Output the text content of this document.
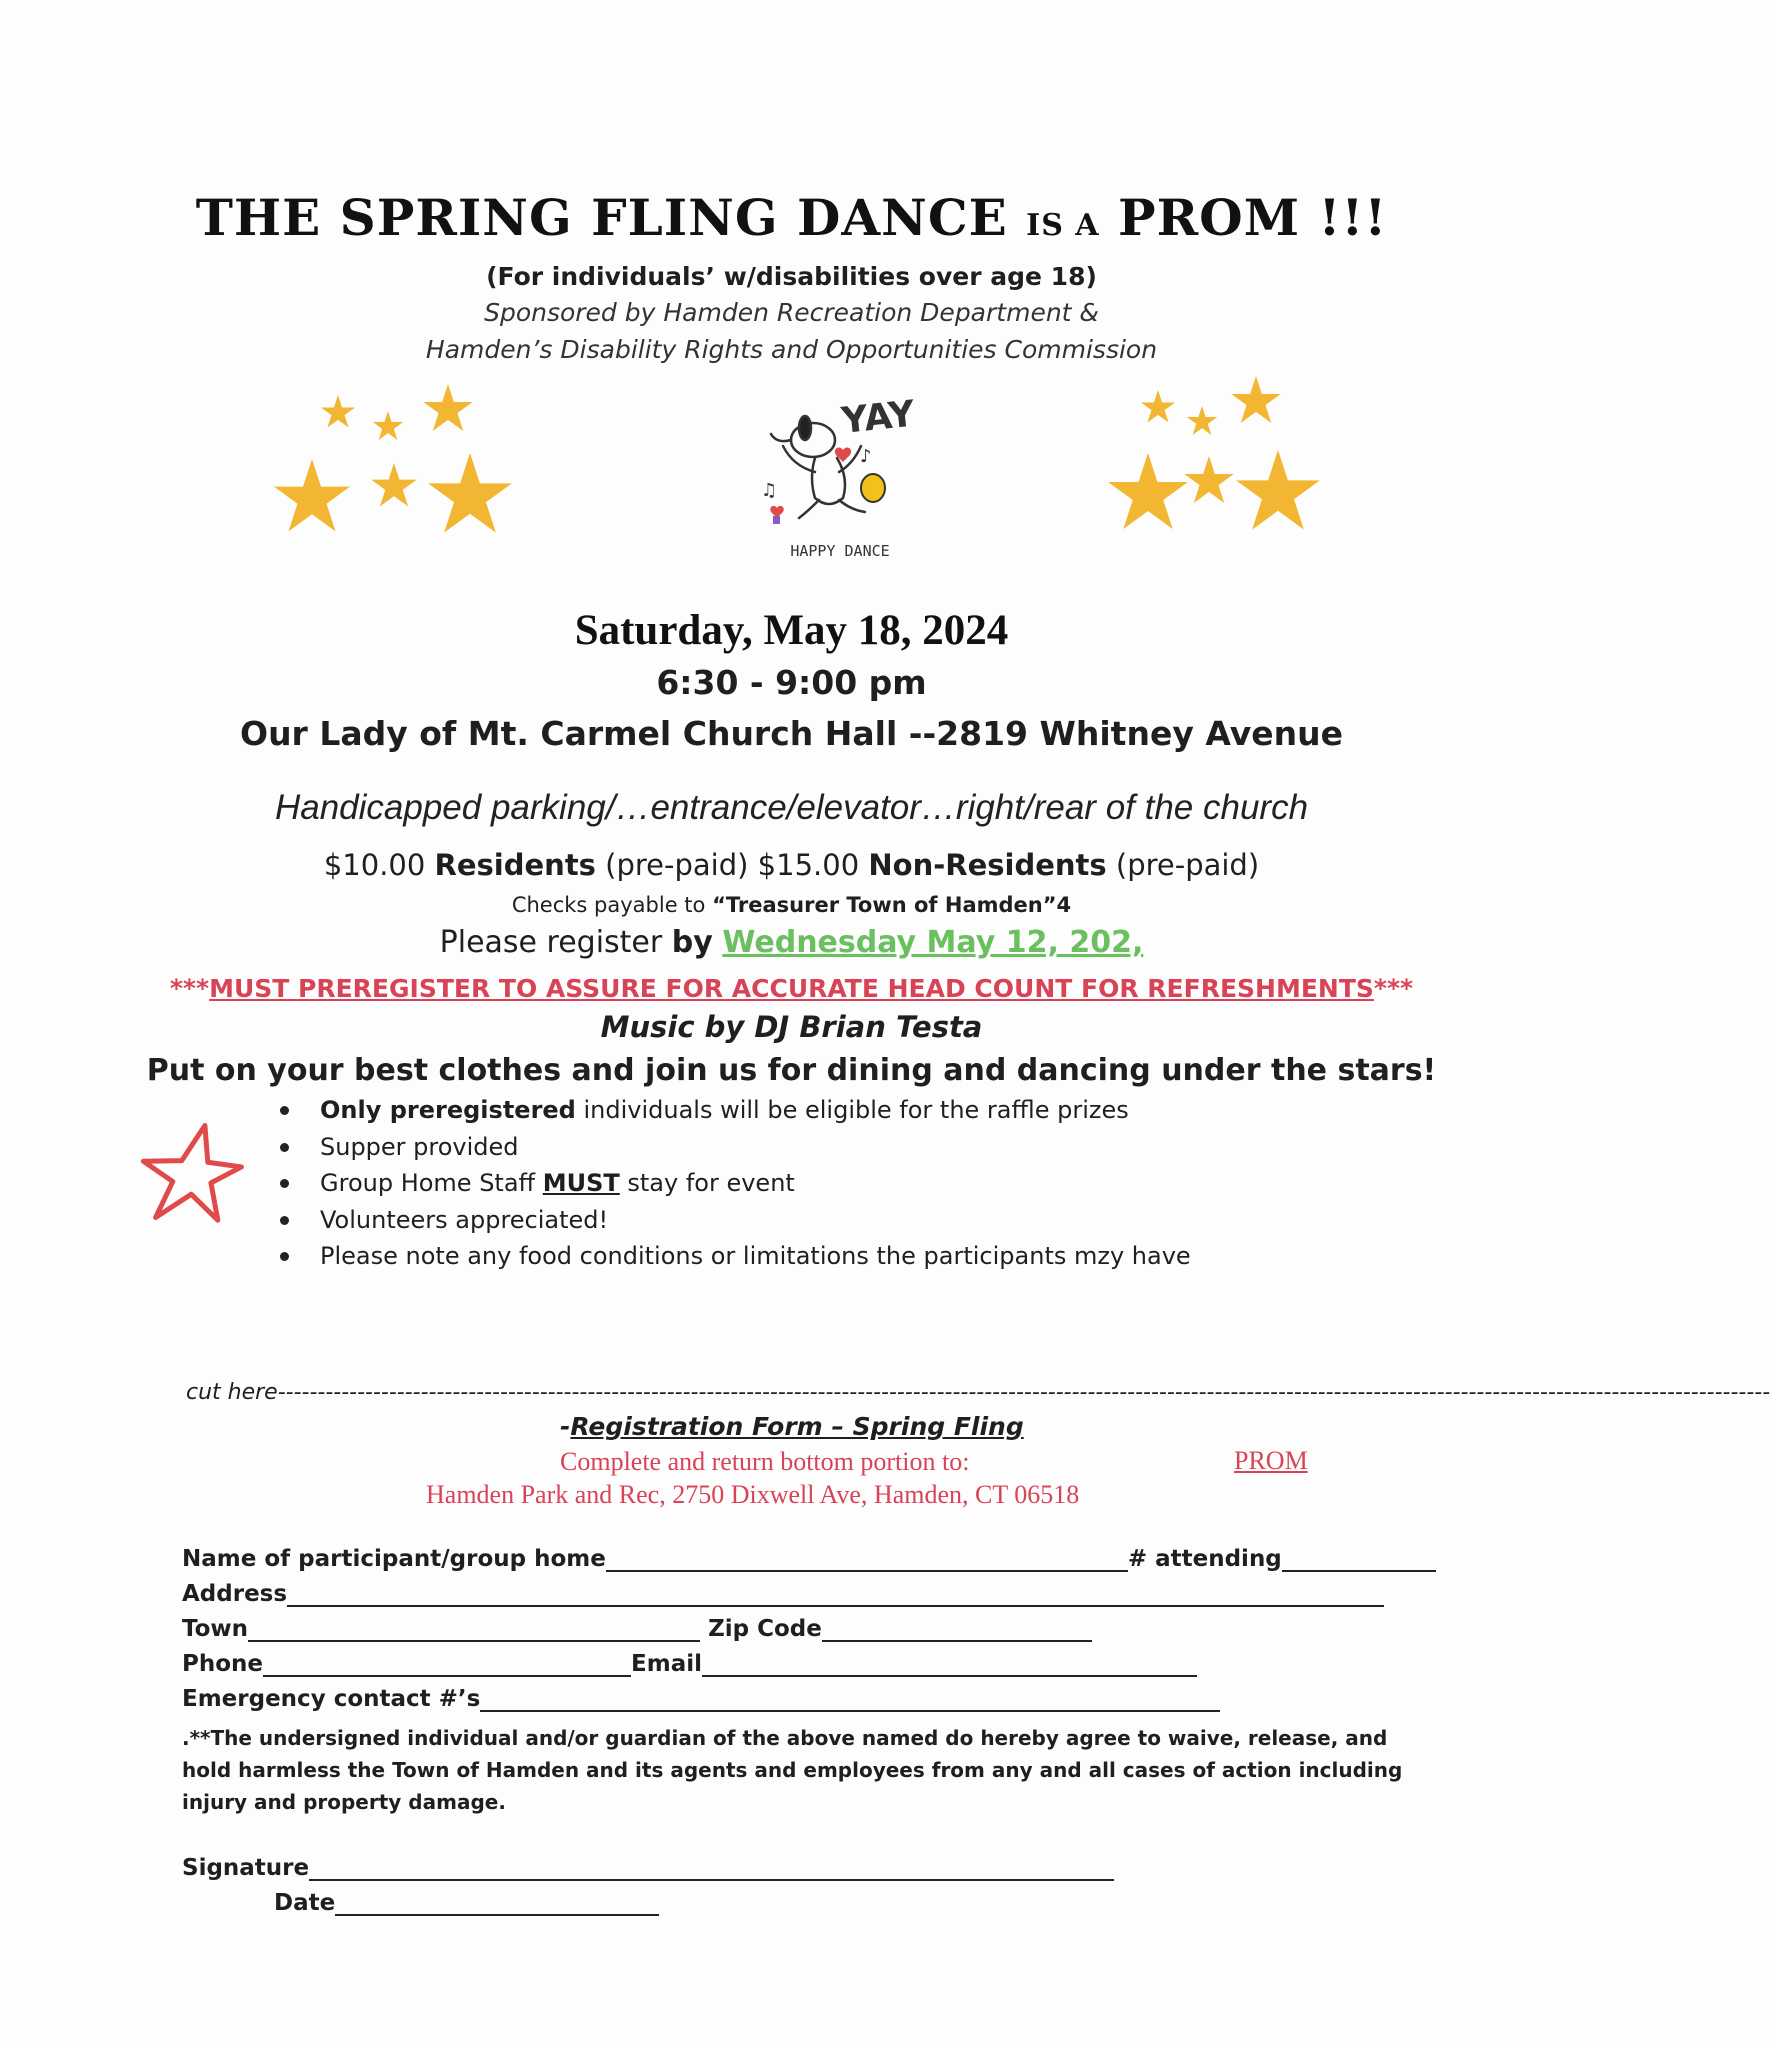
THE SPRING FLING DANCE IS A PROM !!!
(For individuals’ w/disabilities over age 18)
Sponsored by Hamden Recreation Department &
Hamden’s Disability Rights and Opportunities Commission
YAY
♪
♫
HAPPY DANCE
Saturday, May 18, 2024
6:30 - 9:00 pm
Our Lady of Mt. Carmel Church Hall --2819 Whitney Avenue
Handicapped parking/…entrance/elevator…right/rear of the church
$10.00 Residents (pre-paid) $15.00 Non-Residents (pre-paid)
Checks payable to “Treasurer Town of Hamden”4
Please register by Wednesday May 12, 202,
***MUST PREREGISTER TO ASSURE FOR ACCURATE HEAD COUNT FOR REFRESHMENTS***
Music by DJ Brian Testa
Put on your best clothes and join us for dining and dancing under the stars!
Only preregistered individuals will be eligible for the raffle prizes
Supper provided
Group Home Staff MUST stay for event
Volunteers appreciated!
Please note any food conditions or limitations the participants mzy have
cut here--------------------------------------------------------------------------------------------------------------------------------------------------------------------------------------------
-Registration Form – Spring Fling
Complete and return bottom portion to:	PROM
Hamden Park and Rec, 2750 Dixwell Ave, Hamden, CT 06518
Name of participant/group home	# attending
Address
Town	Zip Code
Phone	Email
Emergency contact #’s
.**The undersigned individual and/or guardian of the above named do hereby agree to waive, release, and hold harmless the Town of Hamden and its agents and employees from any and all cases of action including injury and property damage.
Signature
Date
